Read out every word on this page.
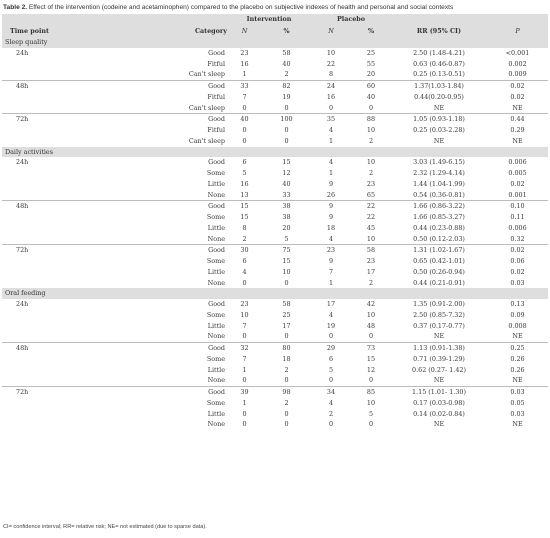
Table 2. Effect of the intervention (codeine and acetaminophen) compared to the placebo on subjective indexes of health and personal and social contexts
		Intervention		Placebo			
Time point	Category	N	%	N	%	RR (95% CI)	P
Sleep quality							
24h	Good	23	58	10	25	2.50 (1.48-4.21)	<0.001
	Fitful	16	40	22	55	0.63 (0.46-0.87)	0.002
	Can't sleep	1	2	8	20	0.25 (0.13-0.51)	0.009
48h	Good	33	82	24	60	1.37(1.03-1.84)	0.02
	Fitful	7	19	16	40	0.44(0.20-0.95)	0.02
	Can't sleep	0	0	0	0	NE	NE
72h	Good	40	100	35	88	1.05 (0.93-1.18)	0.44
	Fitful	0	0	4	10	0.25 (0.03-2.28)	0.29
	Can't sleep	0	0	1	2	NE	NE
Daily activities							
24h	Good	6	15	4	10	3.03 (1.49-6.15)	0.006
	Some	5	12	1	2	2.32 (1.29-4.14)	0.005
	Little	16	40	9	23	1.44 (1.04-1.99)	0.02
	None	13	33	26	65	0.54 (0.36-0.81)	0.001
48h	Good	15	38	9	22	1.66 (0.86-3.22)	0.10
	Some	15	38	9	22	1.66 (0.85-3.27)	0.11
	Little	8	20	18	45	0.44 (0.23-0.88)	0.006
	None	2	5	4	10	0.50 (0.12-2.03)	0.32
72h	Good	30	75	23	58	1.31 (1.02-1.67)	0.02
	Some	6	15	9	23	0.65 (0.42-1.01)	0.06
	Little	4	10	7	17	0.50 (0.26-0.94)	0.02
	None	0	0	1	2	0.44 (0.21-0.91)	0.03
Oral feeding							
24h	Good	23	58	17	42	1.35 (0.91-2.00)	0.13
	Some	10	25	4	10	2.50 (0.85-7.32)	0.09
	Little	7	17	19	48	0.37 (0.17-0.77)	0.008
	None	0	0	0	0	NE	NE
48h	Good	32	80	29	73	1.13 (0.91-1.38)	0.25
	Some	7	18	6	15	0.71 (0.39-1.29)	0.26
	Little	1	2	5	12	0.62 (0.27- 1.42)	0.26
	None	0	0	0	0	NE	NE
72h	Good	39	98	34	85	1.15 (1.01- 1.30)	0.03
	Some	1	2	4	10	0.17 (0.03-0.98)	0.05
	Little	0	0	2	5	0.14 (0.02-0.84)	0.03
	None	0	0	0	0	NE	NE
CI= confidence interval; RR= relative risk; NE= not estimated (due to sparse data).
